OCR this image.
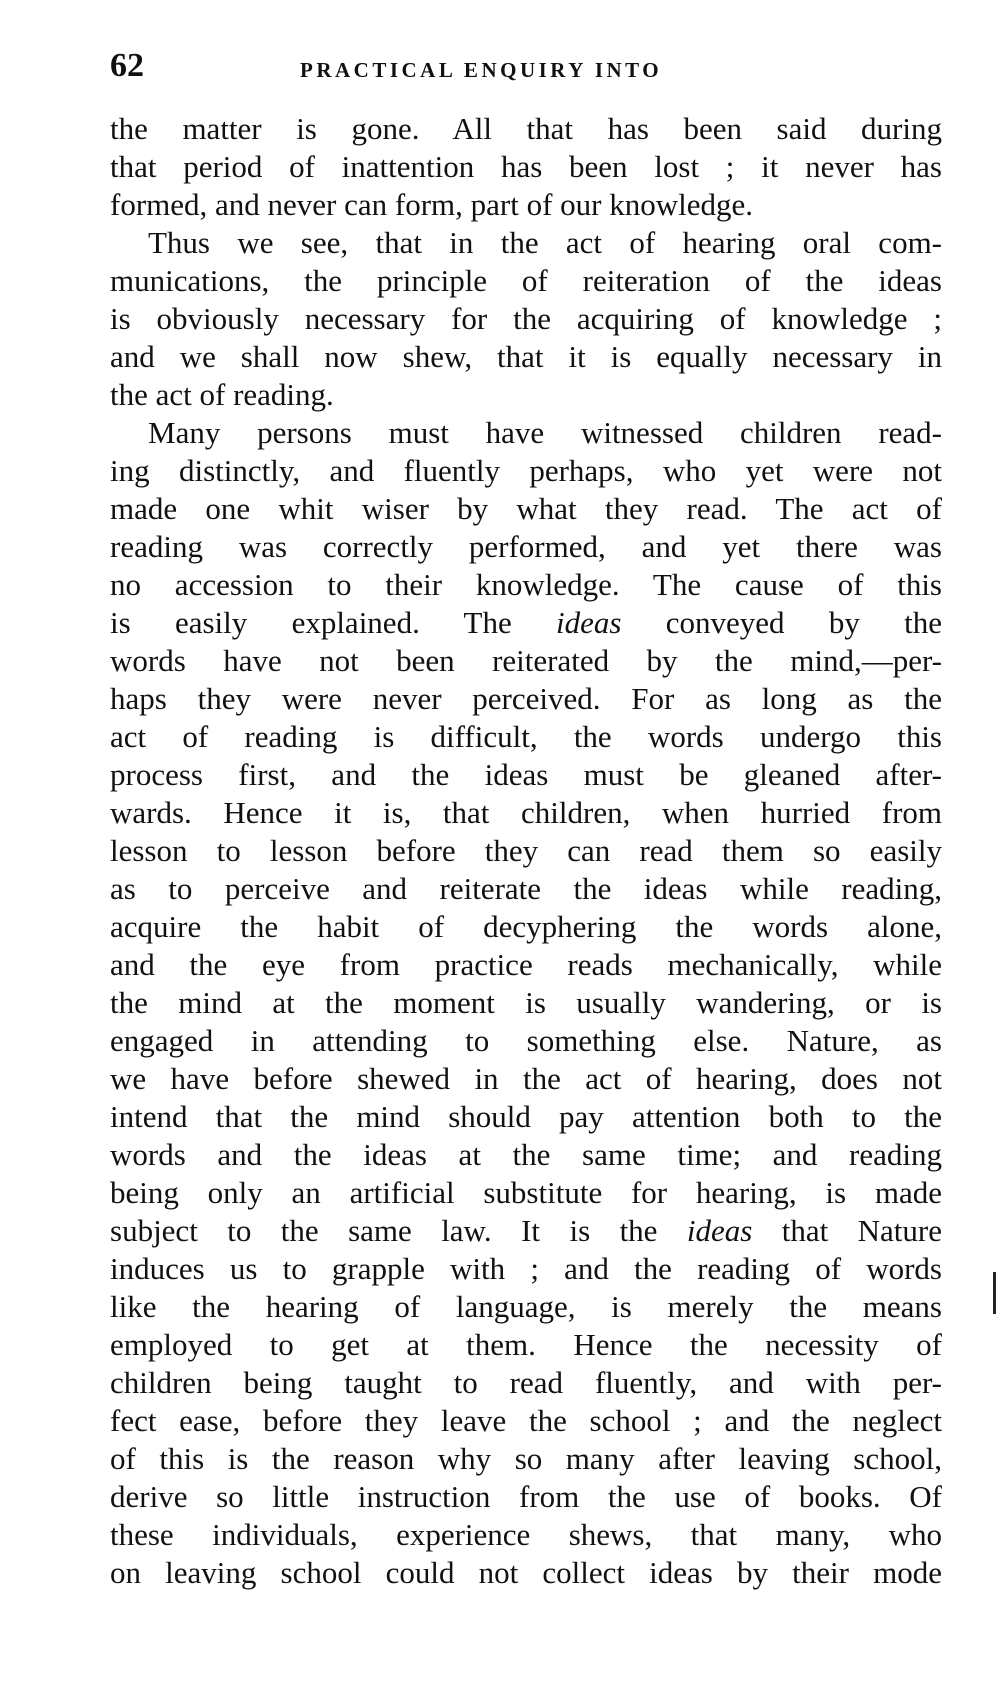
62	PRACTICAL ENQUIRY INTO
the matter is gone. All that has been said during
that period of inattention has been lost ; it never has
formed, and never can form, part of our knowledge.
Thus we see, that in the act of hearing oral com-
munications, the principle of reiteration of the ideas
is obviously necessary for the acquiring of knowledge ;
and we shall now shew, that it is equally necessary in
the act of reading.
Many persons must have witnessed children read-
ing distinctly, and fluently perhaps, who yet were not
made one whit wiser by what they read. The act of
reading was correctly performed, and yet there was
no accession to their knowledge. The cause of this
is easily explained. The ideas conveyed by the
words have not been reiterated by the mind,—per-
haps they were never perceived. For as long as the
act of reading is difficult, the words undergo this
process first, and the ideas must be gleaned after-
wards. Hence it is, that children, when hurried from
lesson to lesson before they can read them so easily
as to perceive and reiterate the ideas while reading,
acquire the habit of decyphering the words alone,
and the eye from practice reads mechanically, while
the mind at the moment is usually wandering, or is
engaged in attending to something else. Nature, as
we have before shewed in the act of hearing, does not
intend that the mind should pay attention both to the
words and the ideas at the same time; and reading
being only an artificial substitute for hearing, is made
subject to the same law. It is the ideas that Nature
induces us to grapple with ; and the reading of words
like the hearing of language, is merely the means
employed to get at them. Hence the necessity of
children being taught to read fluently, and with per-
fect ease, before they leave the school ; and the neglect
of this is the reason why so many after leaving school,
derive so little instruction from the use of books. Of
these individuals, experience shews, that many, who
on leaving school could not collect ideas by their mode
